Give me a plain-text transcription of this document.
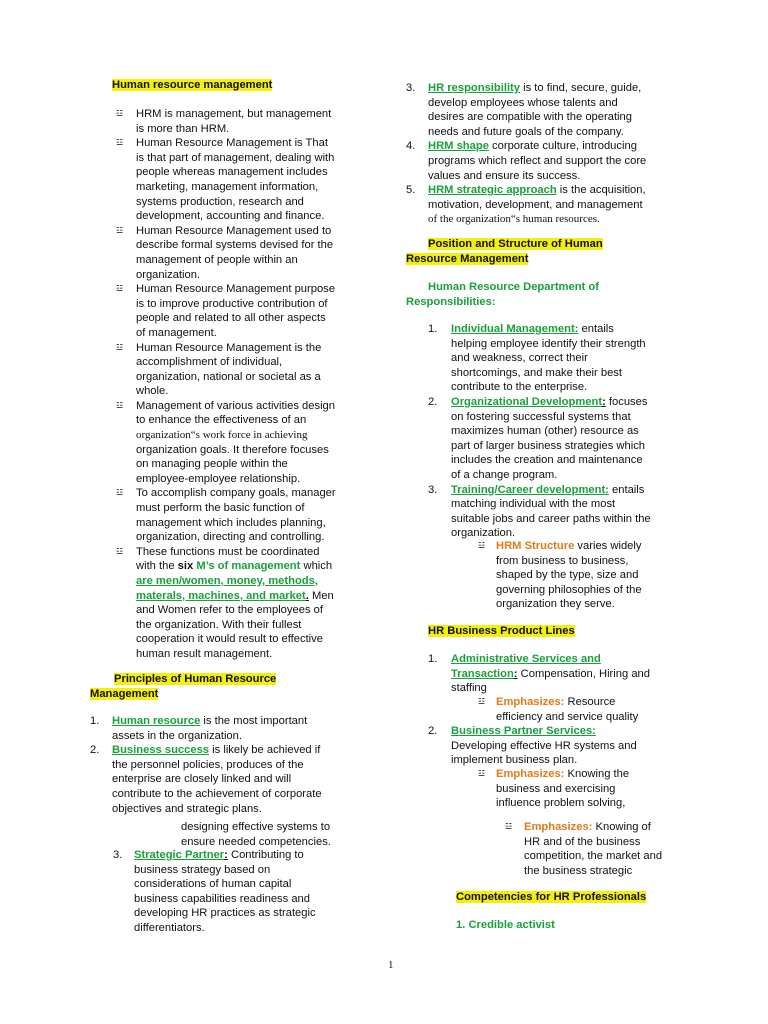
Human resource management
☳ HRM is management, but management
is more than HRM.
☳ Human Resource Management is That
is that part of management, dealing with
people whereas management includes
marketing, management information,
systems production, research and
development, accounting and finance.
☳ Human Resource Management used to
describe formal systems devised for the
management of people within an
organization.
☳ Human Resource Management purpose
is to improve productive contribution of
people and related to all other aspects
of management.
☳ Human Resource Management is the
accomplishment of individual,
organization, national or societal as a
whole.
☳ Management of various activities design
to enhance the effectiveness of an
organization“s work force in achieving
organization goals. It therefore focuses
on managing people within the
employee-employee relationship.
☳ To accomplish company goals, manager
must perform the basic function of
management which includes planning,
organization, directing and controlling.
☳ These functions must be coordinated
with the six M’s of management which
are men/women, money, methods,
materals, machines, and market. Men
and Women refer to the employees of
the organization. With their fullest
cooperation it would result to effective
human result management.
Principles of Human Resource
Management
1. Human resource is the most important
assets in the organization.
2. Business success is likely be achieved if
the personnel policies, produces of the
enterprise are closely linked and will
contribute to the achievement of corporate
objectives and strategic plans.
designing effective systems to
ensure needed competencies.
3. Strategic Partner: Contributing to
business strategy based on
considerations of human capital
business capabilities readiness and
developing HR practices as strategic
differentiators.
3. HR responsibility is to find, secure, guide,
develop employees whose talents and
desires are compatible with the operating
needs and future goals of the company.
4. HRM shape corporate culture, introducing
programs which reflect and support the core
values and ensure its success.
5. HRM strategic approach is the acquisition,
motivation, development, and management
of the organization“s human resources.
Position and Structure of Human
Resource Management
Human Resource Department of
Responsibilities:
1. Individual Management: entails
helping employee identify their strength
and weakness, correct their
shortcomings, and make their best
contribute to the enterprise.
2. Organizational Development: focuses
on fostering successful systems that
maximizes human (other) resource as
part of larger business strategies which
includes the creation and maintenance
of a change program.
3. Training/Career development: entails
matching individual with the most
suitable jobs and career paths within the
organization.
☳ HRM Structure varies widely
from business to business,
shaped by the type, size and
governing philosophies of the
organization they serve.
HR Business Product Lines
1. Administrative Services and
Transaction: Compensation, Hiring and
staffing
☳ Emphasizes: Resource
efficiency and service quality
2. Business Partner Services:
Developing effective HR systems and
implement business plan.
☳ Emphasizes: Knowing the
business and exercising
influence problem solving,
☳ Emphasizes: Knowing of
HR and of the business
competition, the market and
the business strategic
Competencies for HR Professionals
1. Credible activist
1
